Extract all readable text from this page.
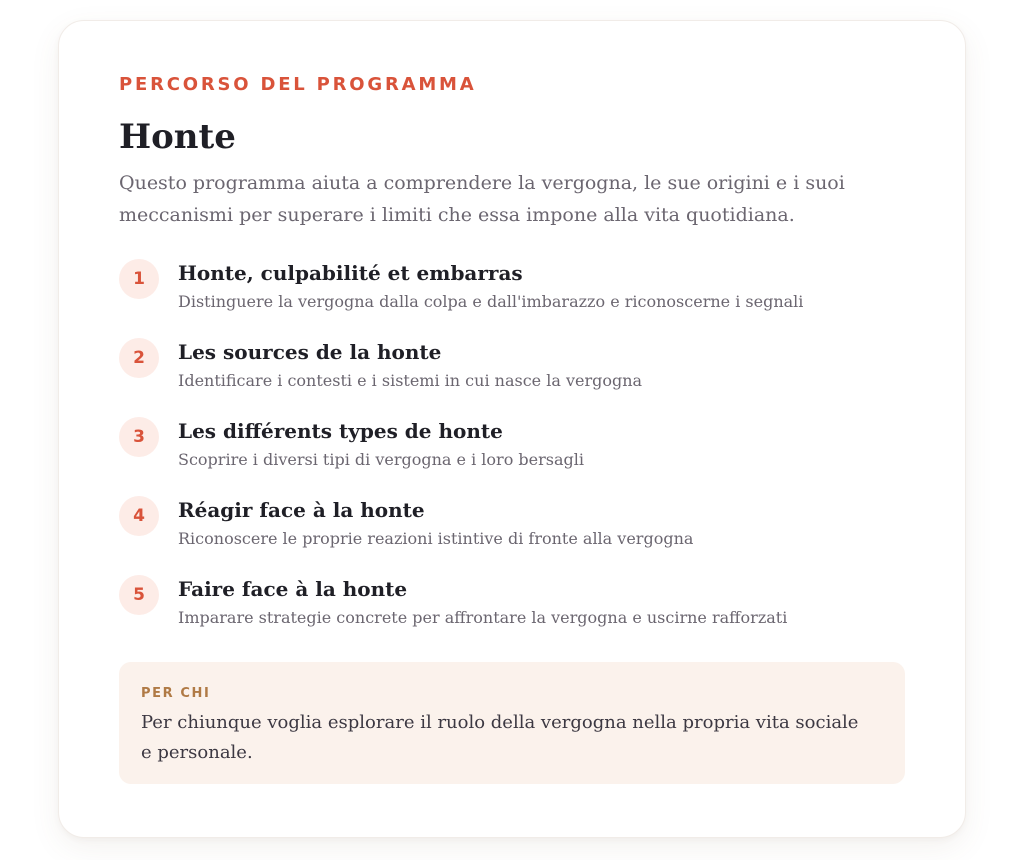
PERCORSO DEL PROGRAMMA

Honte

Questo programma aiuta a comprendere la vergogna, le sue origini e i suoi meccanismi per superare i limiti che essa impone alla vita quotidiana.

1	Honte, culpabilité et embarras
Distinguere la vergogna dalla colpa e dall'imbarazzo e riconoscerne i segnali
2	Les sources de la honte
Identificare i contesti e i sistemi in cui nasce la vergogna
3	Les différents types de honte
Scoprire i diversi tipi di vergogna e i loro bersagli
4	Réagir face à la honte
Riconoscere le proprie reazioni istintive di fronte alla vergogna
5	Faire face à la honte
Imparare strategie concrete per affrontare la vergogna e uscirne rafforzati
PER CHI
Per chiunque voglia esplorare il ruolo della vergogna nella propria vita sociale e personale.
